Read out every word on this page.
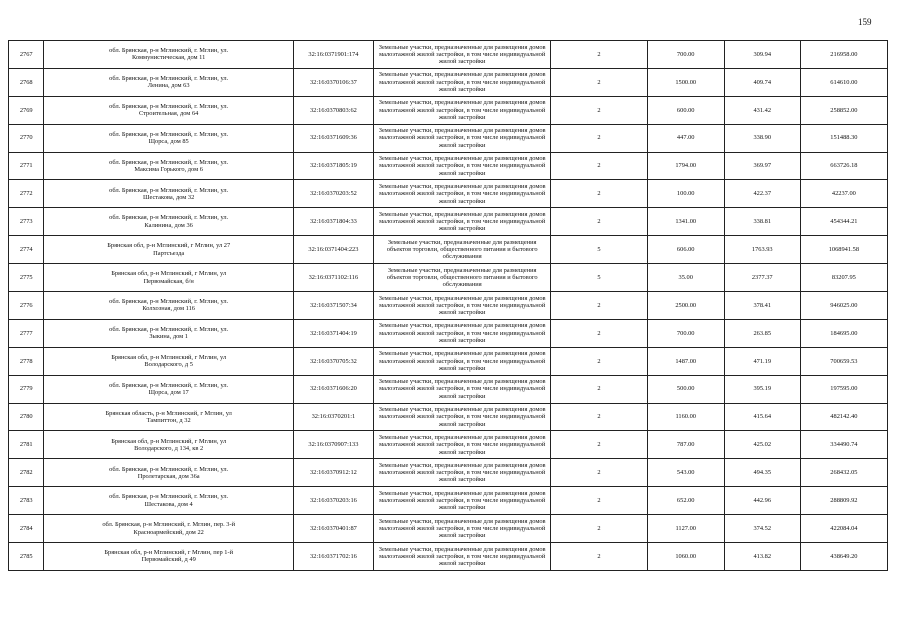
159
2767	обл. Брянская, р-н Мглинский, г. Мглин, ул.
Коммунистическая, дом 11	32:16:0371901:174	Земельные участки, предназначенные для размещения домов
малоэтажной жилой застройки, в том числе индивидуальной
жилой застройки	2	700.00	309.94	216958.00
2768	обл. Брянская, р-н Мглинский, г. Мглин, ул.
Ленина, дом 63	32:16:0370106:37	Земельные участки, предназначенные для размещения домов
малоэтажной жилой застройки, в том числе индивидуальной
жилой застройки	2	1500.00	409.74	614610.00
2769	обл. Брянская, р-н Мглинский, г. Мглин, ул.
Строительная, дом 64	32:16:0370803:62	Земельные участки, предназначенные для размещения домов
малоэтажной жилой застройки, в том числе индивидуальной
жилой застройки	2	600.00	431.42	258852.00
2770	обл. Брянская, р-н Мглинский, г. Мглин, ул.
Щорса, дом 85	32:16:0371609:36	Земельные участки, предназначенные для размещения домов
малоэтажной жилой застройки, в том числе индивидуальной
жилой застройки	2	447.00	338.90	151488.30
2771	обл. Брянская, р-н Мглинский, г. Мглин, ул.
Максима Горького, дом 6	32:16:0371805:19	Земельные участки, предназначенные для размещения домов
малоэтажной жилой застройки, в том числе индивидуальной
жилой застройки	2	1794.00	369.97	663726.18
2772	обл. Брянская, р-н Мглинский, г. Мглин, ул.
Шестакова, дом 32	32:16:0370203:52	Земельные участки, предназначенные для размещения домов
малоэтажной жилой застройки, в том числе индивидуальной
жилой застройки	2	100.00	422.37	42237.00
2773	обл. Брянская, р-н Мглинский, г. Мглин, ул.
Калинина, дом 36	32:16:0371804:33	Земельные участки, предназначенные для размещения домов
малоэтажной жилой застройки, в том числе индивидуальной
жилой застройки	2	1341.00	338.81	454344.21
2774	Брянская обл, р-н Мглинский, г Мглин, ул 27
Партсъезда	32:16:0371404:223	Земельные участки, предназначенные для размещения
объектов торговли, общественного питания и бытового
обслуживания	5	606.00	1763.93	1068941.58
2775	Брянская обл, р-н Мглинский, г Мглин, ул
Первомайская, б/н	32:16:0371102:116	Земельные участки, предназначенные для размещения
объектов торговли, общественного питания и бытового
обслуживания	5	35.00	2377.37	83207.95
2776	обл. Брянская, р-н Мглинский, г. Мглин, ул.
Колхозная, дом 116	32:16:0371507:34	Земельные участки, предназначенные для размещения домов
малоэтажной жилой застройки, в том числе индивидуальной
жилой застройки	2	2500.00	378.41	946025.00
2777	обл. Брянская, р-н Мглинский, г. Мглин, ул.
Зыкина, дом 1	32:16:0371404:19	Земельные участки, предназначенные для размещения домов
малоэтажной жилой застройки, в том числе индивидуальной
жилой застройки	2	700.00	263.85	184695.00
2778	Брянская обл, р-н Мглинский, г Мглин, ул
Володарского, д 5	32:16:0370705:32	Земельные участки, предназначенные для размещения домов
малоэтажной жилой застройки, в том числе индивидуальной
жилой застройки	2	1487.00	471.19	700659.53
2779	обл. Брянская, р-н Мглинский, г. Мглин, ул.
Щорса, дом 17	32:16:0371606:20	Земельные участки, предназначенные для размещения домов
малоэтажной жилой застройки, в том числе индивидуальной
жилой застройки	2	500.00	395.19	197595.00
2780	Брянская область, р-н Мглинский, г Мглин, ул
Тампиттон, д 32	32:16:0370201:1	Земельные участки, предназначенные для размещения домов
малоэтажной жилой застройки, в том числе индивидуальной
жилой застройки	2	1160.00	415.64	482142.40
2781	Брянская обл, р-н Мглинский, г Мглин, ул
Володарского, д 134, кв 2	32:16:0370907:133	Земельные участки, предназначенные для размещения домов
малоэтажной жилой застройки, в том числе индивидуальной
жилой застройки	2	787.00	425.02	334490.74
2782	обл. Брянская, р-н Мглинский, г. Мглин, ул.
Пролетарская, дом 36а	32:16:0370912:12	Земельные участки, предназначенные для размещения домов
малоэтажной жилой застройки, в том числе индивидуальной
жилой застройки	2	543.00	494.35	268432.05
2783	обл. Брянская, р-н Мглинский, г. Мглин, ул.
Шестакова, дом 4	32:16:0370203:16	Земельные участки, предназначенные для размещения домов
малоэтажной жилой застройки, в том числе индивидуальной
жилой застройки	2	652.00	442.96	288809.92
2784	обл. Брянская, р-н Мглинский, г. Мглин, пер. 3-й
Красноармейский, дом 22	32:16:0370401:87	Земельные участки, предназначенные для размещения домов
малоэтажной жилой застройки, в том числе индивидуальной
жилой застройки	2	1127.00	374.52	422084.04
2785	Брянская обл, р-н Мглинский, г Мглин, пер 1-й
Первомайский, д 49	32:16:0371702:16	Земельные участки, предназначенные для размещения домов
малоэтажной жилой застройки, в том числе индивидуальной
жилой застройки	2	1060.00	413.82	438649.20
